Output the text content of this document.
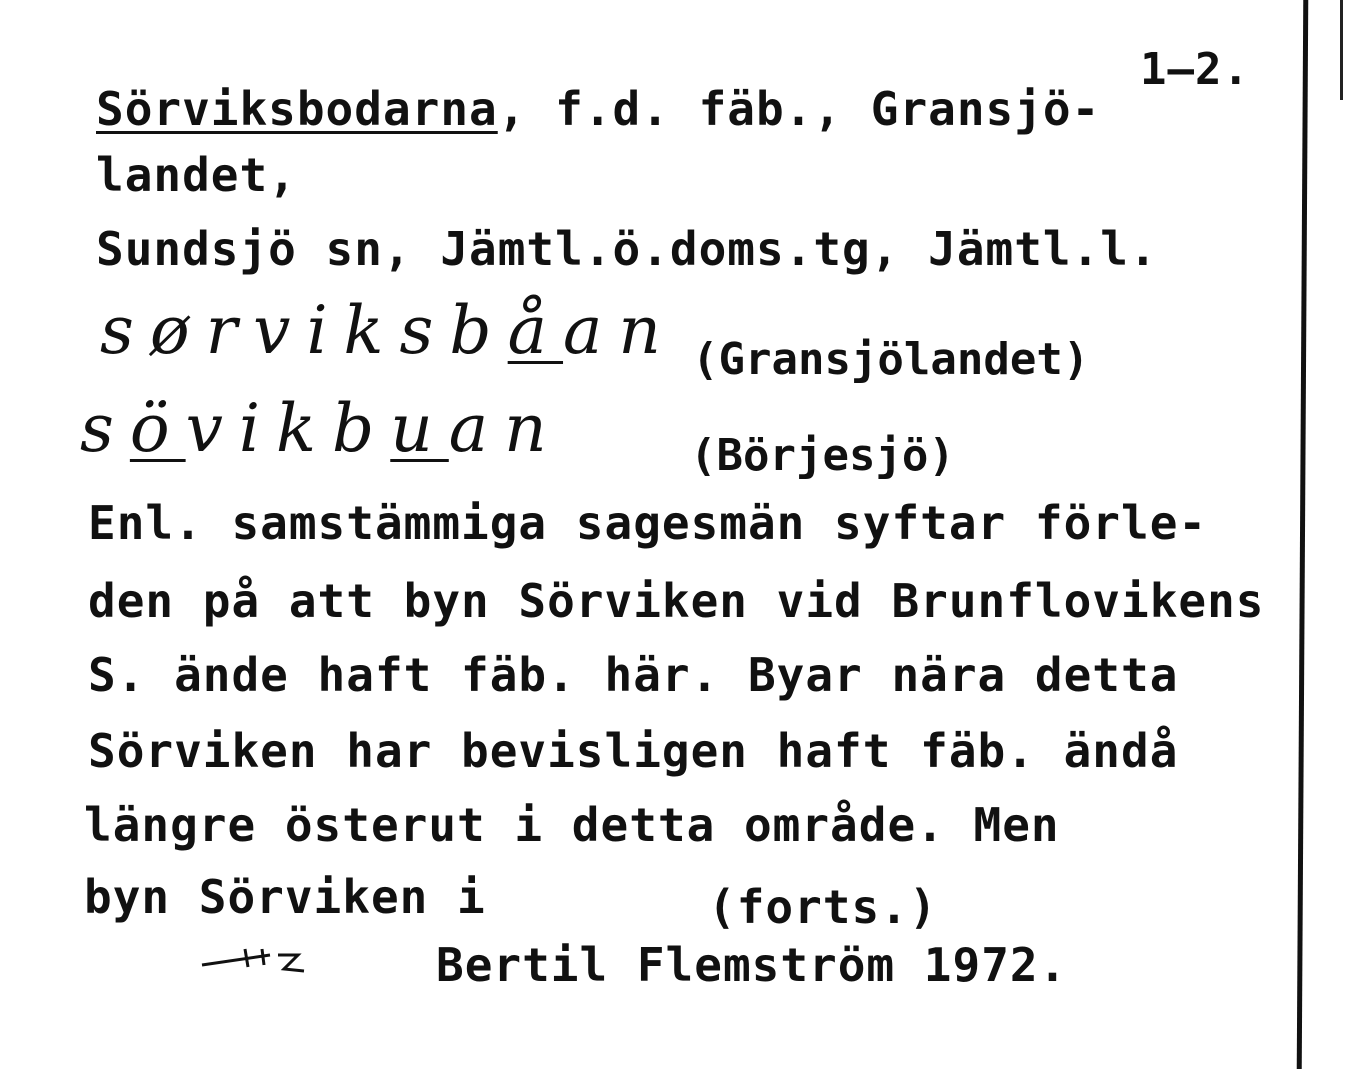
1–2.
Sörviksbodarna, f.d. fäb., Gransjö-
landet,
Sundsjö sn, Jämtl.ö.doms.tg, Jämtl.l.
sørviksbåan (Gransjölandet)
sövikbuan	(Börjesjö)
Enl. samstämmiga sagesmän syftar förle-
den på att byn Sörviken vid Brunflovikens
S. ände haft fäb. här. Byar nära detta
Sörviken har bevisligen haft fäb. ändå
längre österut i detta område. Men
byn Sörviken i	(forts.)
Bertil Flemström 1972.
